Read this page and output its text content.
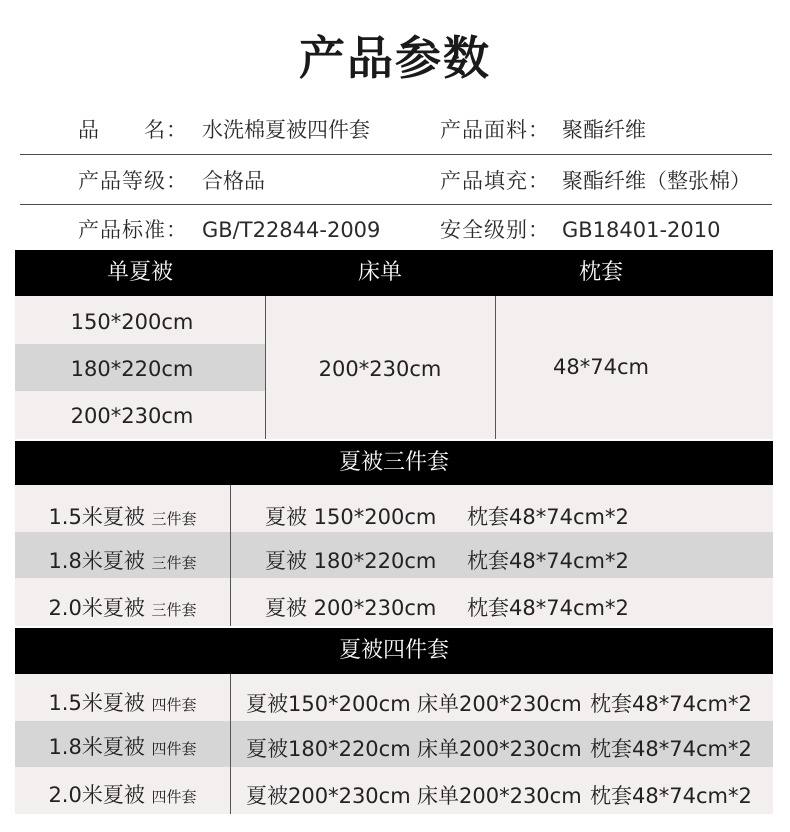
产品参数
品　　名： 水洗棉夏被四件套	产品面料： 聚酯纤维
产品等级： 合格品	产品填充： 聚酯纤维（整张棉）
产品标准： GB/T22844-2009	安全级别： GB18401-2010
单夏被	床单	枕套
150*200cm
180*220cm
200*230cm
200*230cm	48*74cm
夏被三件套
1.5米夏被 三件套	夏被 150*200cm 枕套48*74cm*2
1.8米夏被 三件套	夏被 180*220cm 枕套48*74cm*2
2.0米夏被 三件套	夏被 200*230cm 枕套48*74cm*2
夏被四件套
1.5米夏被 四件套	夏被150*200cm 床单200*230cm 枕套48*74cm*2
1.8米夏被 四件套	夏被180*220cm 床单200*230cm 枕套48*74cm*2
2.0米夏被 四件套	夏被200*230cm 床单200*230cm 枕套48*74cm*2
